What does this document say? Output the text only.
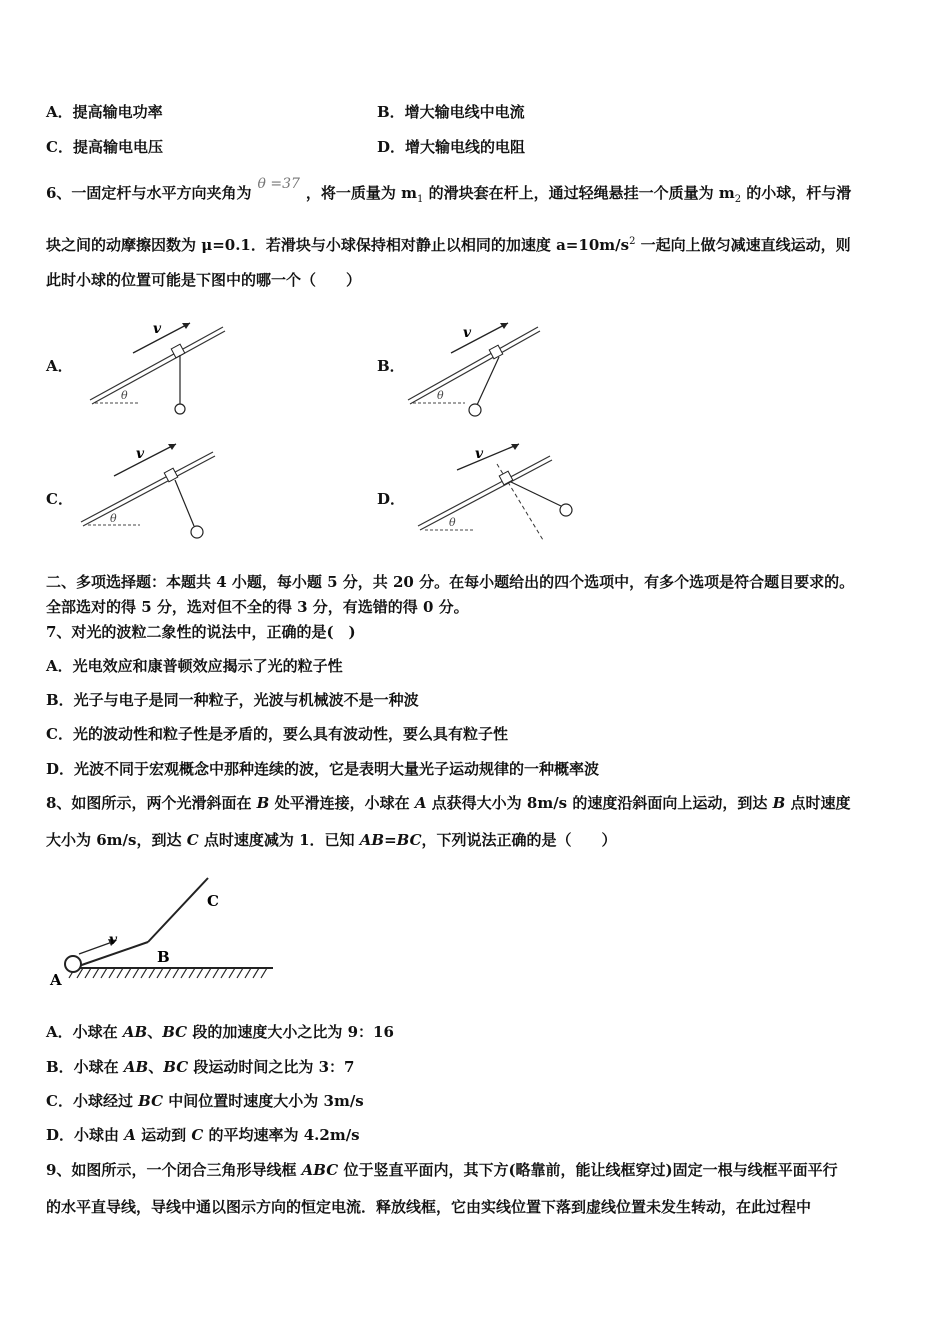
A．提高输电功率	B．增大输电线中电流
C．提高输电电压	D．增大输电线的电阻
6、一固定杆与水平方向夹角为 θ =37 ，将一质量为 $m_1$ 的滑块套在杆上，通过轻绳悬挂一个质量为 $m_2$ 的小球，杆与滑
块之间的动摩擦因数为 μ=0.1．若滑块与小球保持相对静止以相同的加速度 $a=10m/s^2$ 一起向上做匀减速直线运动，则
此时小球的位置可能是下图中的哪一个（　　）
A．	B．
C．	D．
θ
v
θ
v
θ
v
θ
v
二、多项选择题：本题共 4 小题，每小题 5 分，共 20 分。在每小题给出的四个选项中，有多个选项是符合题目要求的。
全部选对的得 5 分，选对但不全的得 3 分，有选错的得 0 分。
7、对光的波粒二象性的说法中，正确的是(　)
A．光电效应和康普顿效应揭示了光的粒子性
B．光子与电子是同一种粒子，光波与机械波不是一种波
C．光的波动性和粒子性是矛盾的，要么具有波动性，要么具有粒子性
D．光波不同于宏观概念中那种连续的波，它是表明大量光子运动规律的一种概率波
8、如图所示，两个光滑斜面在 B 处平滑连接，小球在 A 点获得大小为 8m/s 的速度沿斜面向上运动，到达 B 点时速度
大小为 6m/s，到达 C 点时速度减为 1．已知 AB=BC，下列说法正确的是（　　）
v
A
B
C
A．小球在 AB、BC 段的加速度大小之比为 9：16
B．小球在 AB、BC 段运动时间之比为 3：7
C．小球经过 BC 中间位置时速度大小为 3m/s
D．小球由 A 运动到 C 的平均速率为 4.2m/s
9、如图所示，一个闭合三角形导线框 ABC 位于竖直平面内，其下方(略靠前，能让线框穿过)固定一根与线框平面平行
的水平直导线，导线中通以图示方向的恒定电流．释放线框，它由实线位置下落到虚线位置未发生转动，在此过程中
